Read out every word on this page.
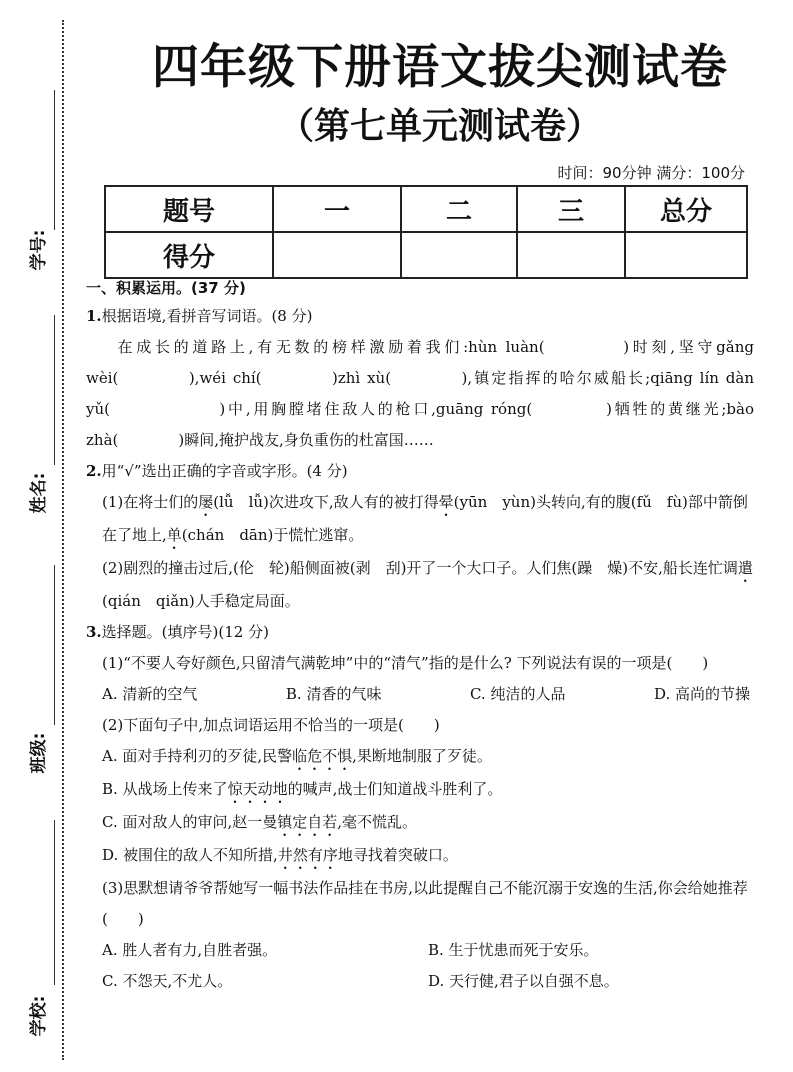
学号:
姓名:
班级:
学校:
四年级下册语文拔尖测试卷
（第七单元测试卷）
时间：90分钟 满分：100分
题号	一	二	三	总分
得分				
一、积累运用。(37 分)
1.根据语境,看拼音写词语。(8 分)
在成长的道路上,有无数的榜样激励着我们:hùn luàn(　　　　)时刻,坚守gǎng wèi(　　　　),wéi chí(　　　　)zhì xù(　　　　),镇定指挥的哈尔威船长;qiāng lín dàn yǔ(　　　　　　)中,用胸膛堵住敌人的枪口,guāng róng(　　　　)牺牲的黄继光;bào zhà(　　　　)瞬间,掩护战友,身负重伤的杜富国……
2.用“√”选出正确的字音或字形。(4 分)
(1)在将士们的屡(lǚ　lǚ)次进攻下,敌人有的被打得晕(yūn　yùn)头转向,有的腹(fǔ　fù)部中箭倒在了地上,单(chán　dān)于慌忙逃窜。
(2)剧烈的撞击过后,(伦　轮)船侧面被(剥　刮)开了一个大口子。人们焦(躁　燥)不安,船长连忙调遣(qián　qiǎn)人手稳定局面。
3.选择题。(填序号)(12 分)
(1)“不要人夸好颜色,只留清气满乾坤”中的“清气”指的是什么? 下列说法有误的一项是(　　)
A. 清新的空气	B. 清香的气味	C. 纯洁的人品	D. 高尚的节操
(2)下面句子中,加点词语运用不恰当的一项是(　　)
A. 面对手持利刃的歹徒,民警临危不惧,果断地制服了歹徒。
B. 从战场上传来了惊天动地的喊声,战士们知道战斗胜利了。
C. 面对敌人的审问,赵一曼镇定自若,毫不慌乱。
D. 被围住的敌人不知所措,井然有序地寻找着突破口。
(3)思默想请爷爷帮她写一幅书法作品挂在书房,以此提醒自己不能沉溺于安逸的生活,你会给她推荐(　　)
A. 胜人者有力,自胜者强。	B. 生于忧患而死于安乐。
C. 不怨天,不尤人。	D. 天行健,君子以自强不息。
